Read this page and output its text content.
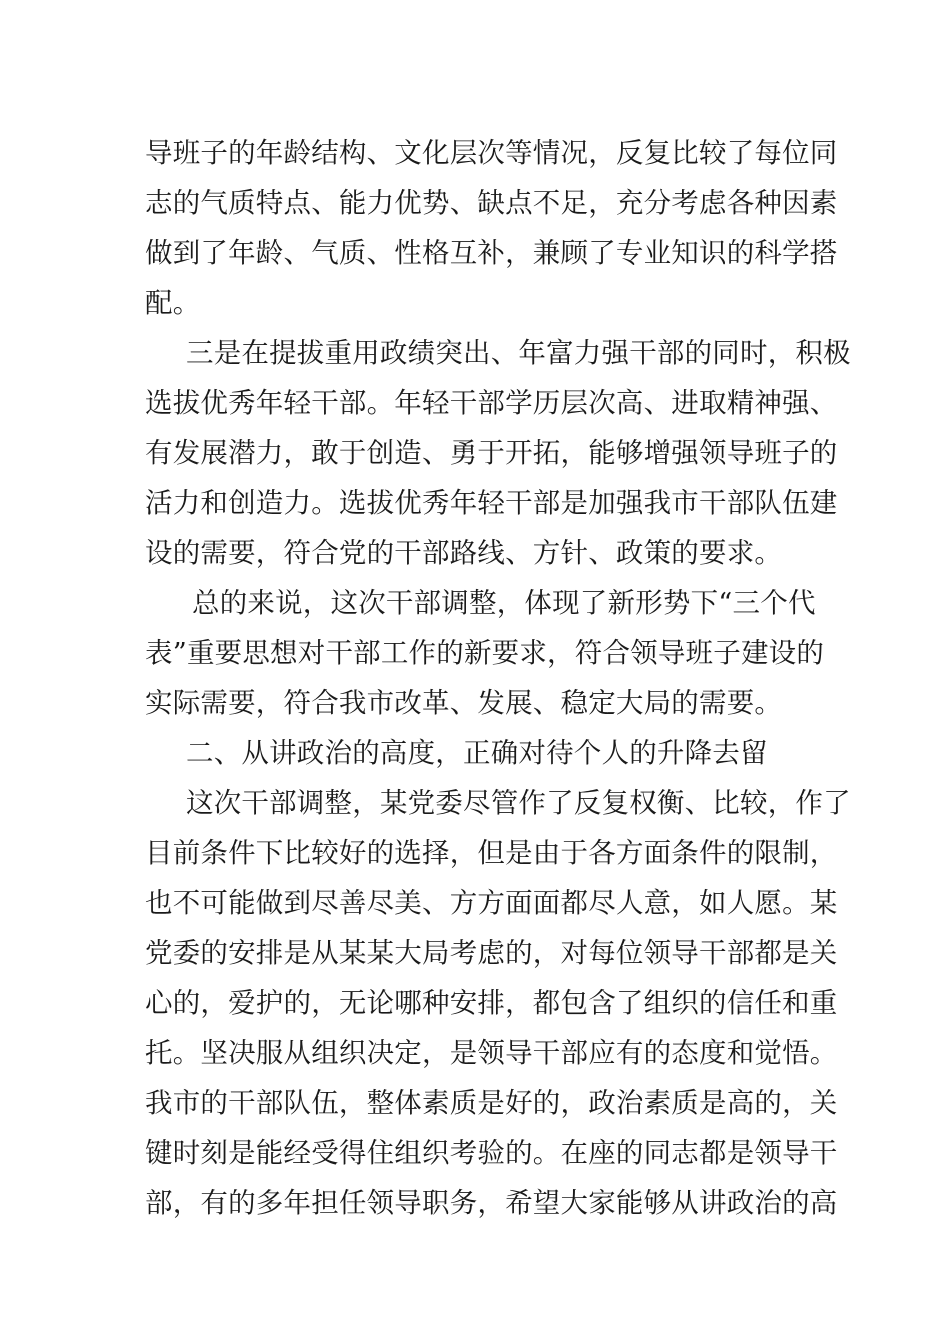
导班子的年龄结构、文化层次等情况，反复比较了每位同
志的气质特点、能力优势、缺点不足，充分考虑各种因素
做到了年龄、气质、性格互补，兼顾了专业知识的科学搭
配。
三是在提拔重用政绩突出、年富力强干部的同时，积极
选拔优秀年轻干部。年轻干部学历层次高、进取精神强、
有发展潜力，敢于创造、勇于开拓，能够增强领导班子的
活力和创造力。选拔优秀年轻干部是加强我市干部队伍建
设的需要，符合党的干部路线、方针、政策的要求。
总的来说，这次干部调整，体现了新形势下“三个代
表”重要思想对干部工作的新要求，符合领导班子建设的
实际需要，符合我市改革、发展、稳定大局的需要。
二、从讲政治的高度，正确对待个人的升降去留
这次干部调整，某党委尽管作了反复权衡、比较，作了
目前条件下比较好的选择，但是由于各方面条件的限制，
也不可能做到尽善尽美、方方面面都尽人意，如人愿。某
党委的安排是从某某大局考虑的，对每位领导干部都是关
心的，爱护的，无论哪种安排，都包含了组织的信任和重
托。坚决服从组织决定，是领导干部应有的态度和觉悟。
我市的干部队伍，整体素质是好的，政治素质是高的，关
键时刻是能经受得住组织考验的。在座的同志都是领导干
部，有的多年担任领导职务，希望大家能够从讲政治的高
